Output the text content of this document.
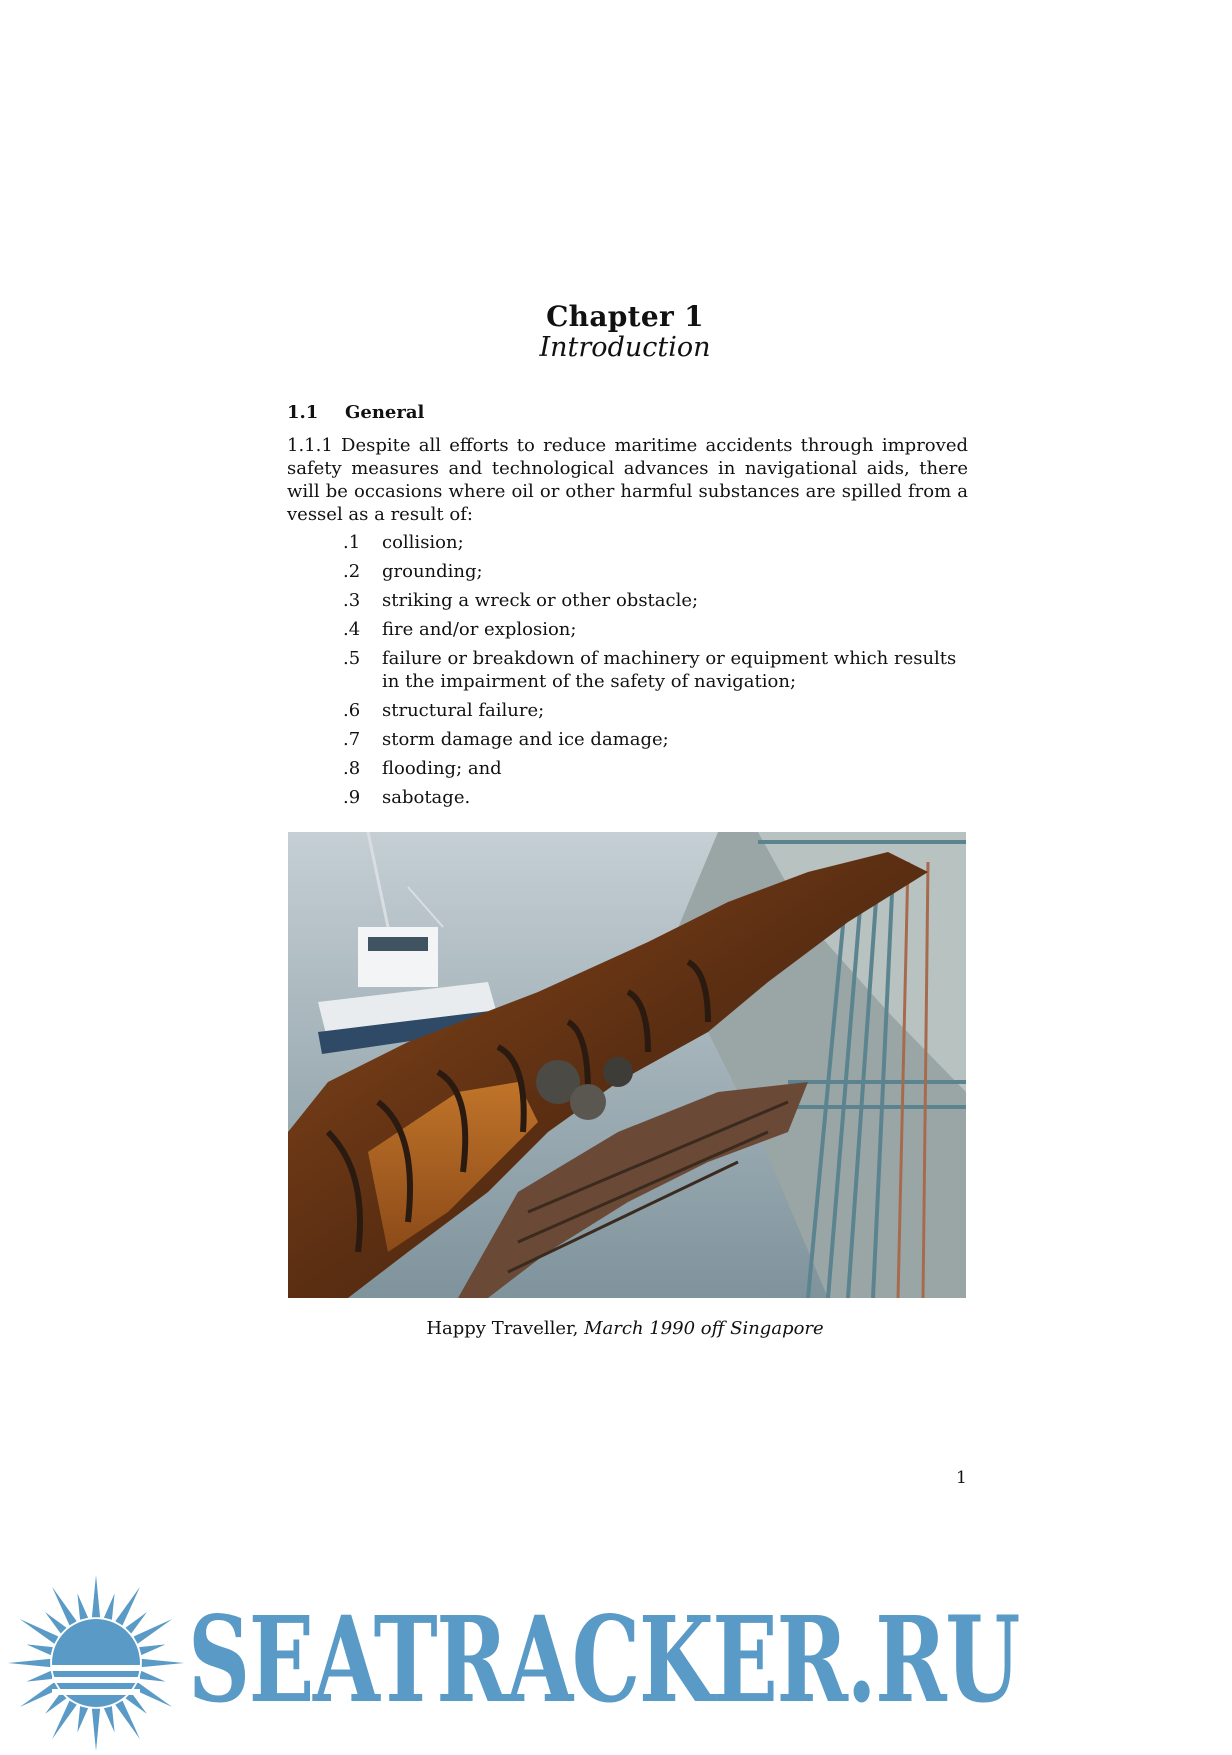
Chapter 1
Introduction
1.1 General
1.1.1 Despite all efforts to reduce maritime accidents through improved safety measures and technological advances in navigational aids, there will be occasions where oil or other harmful substances are spilled from a vessel as a result of:
.1	collision;
.2	grounding;
.3	striking a wreck or other obstacle;
.4	fire and/or explosion;
.5	failure or breakdown of machinery or equipment which results in the impairment of the safety of navigation;
.6	structural failure;
.7	storm damage and ice damage;
.8	flooding; and
.9	sabotage.
Happy Traveller, March 1990 off Singapore
1
SEATRACKER.RU
